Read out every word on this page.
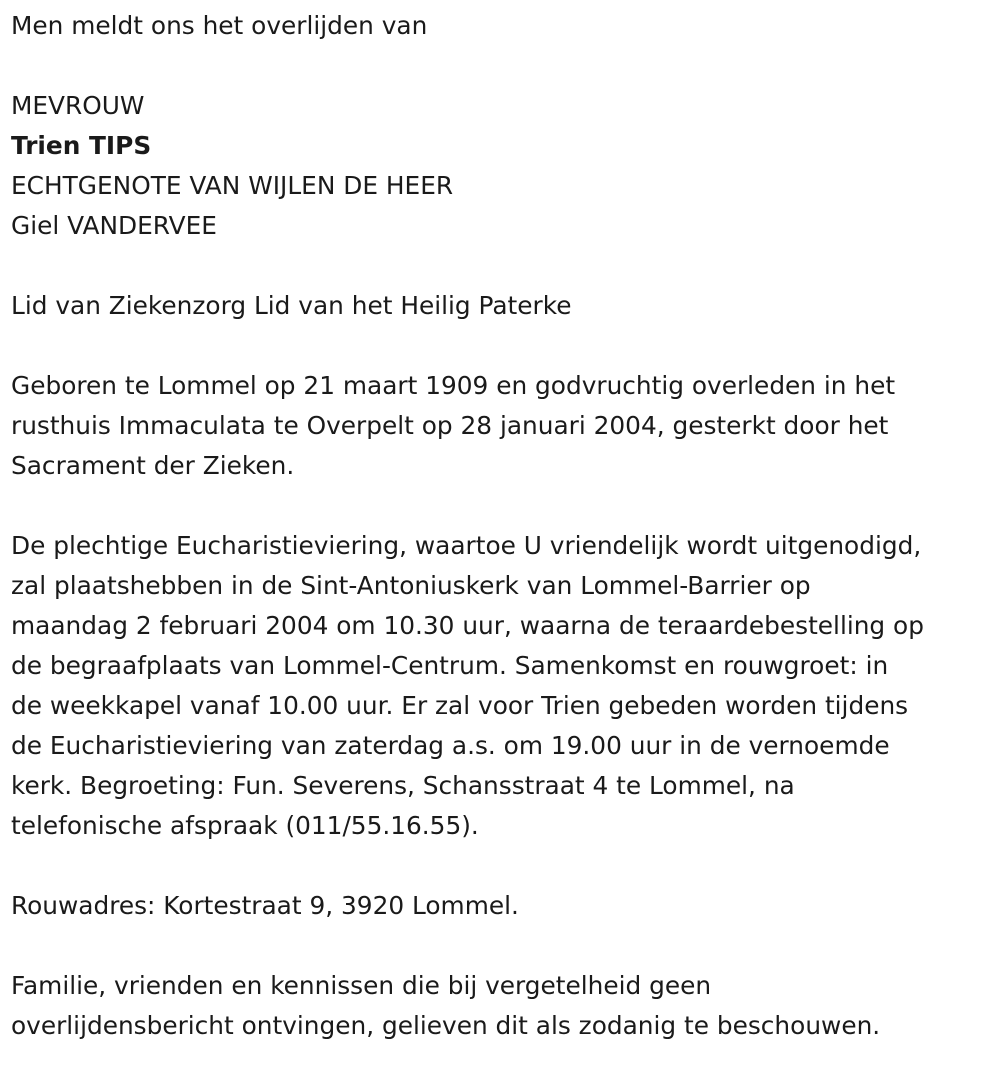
Men meldt ons het overlijden van

MEVROUW

Trien TIPS

ECHTGENOTE VAN WIJLEN DE HEER

Giel VANDERVEE

Lid van Ziekenzorg Lid van het Heilig Paterke

Geboren te Lommel op 21 maart 1909 en godvruchtig overleden in het

rusthuis Immaculata te Overpelt op 28 januari 2004, gesterkt door het

Sacrament der Zieken.

De plechtige Eucharistieviering, waartoe U vriendelijk wordt uitgenodigd,

zal plaatshebben in de Sint-Antoniuskerk van Lommel-Barrier op

maandag 2 februari 2004 om 10.30 uur, waarna de teraardebestelling op

de begraafplaats van Lommel-Centrum. Samenkomst en rouwgroet: in

de weekkapel vanaf 10.00 uur. Er zal voor Trien gebeden worden tijdens

de Eucharistieviering van zaterdag a.s. om 19.00 uur in de vernoemde

kerk. Begroeting: Fun. Severens, Schansstraat 4 te Lommel, na

telefonische afspraak (011/55.16.55).

Rouwadres: Kortestraat 9, 3920 Lommel.

Familie, vrienden en kennissen die bij vergetelheid geen

overlijdensbericht ontvingen, gelieven dit als zodanig te beschouwen.
